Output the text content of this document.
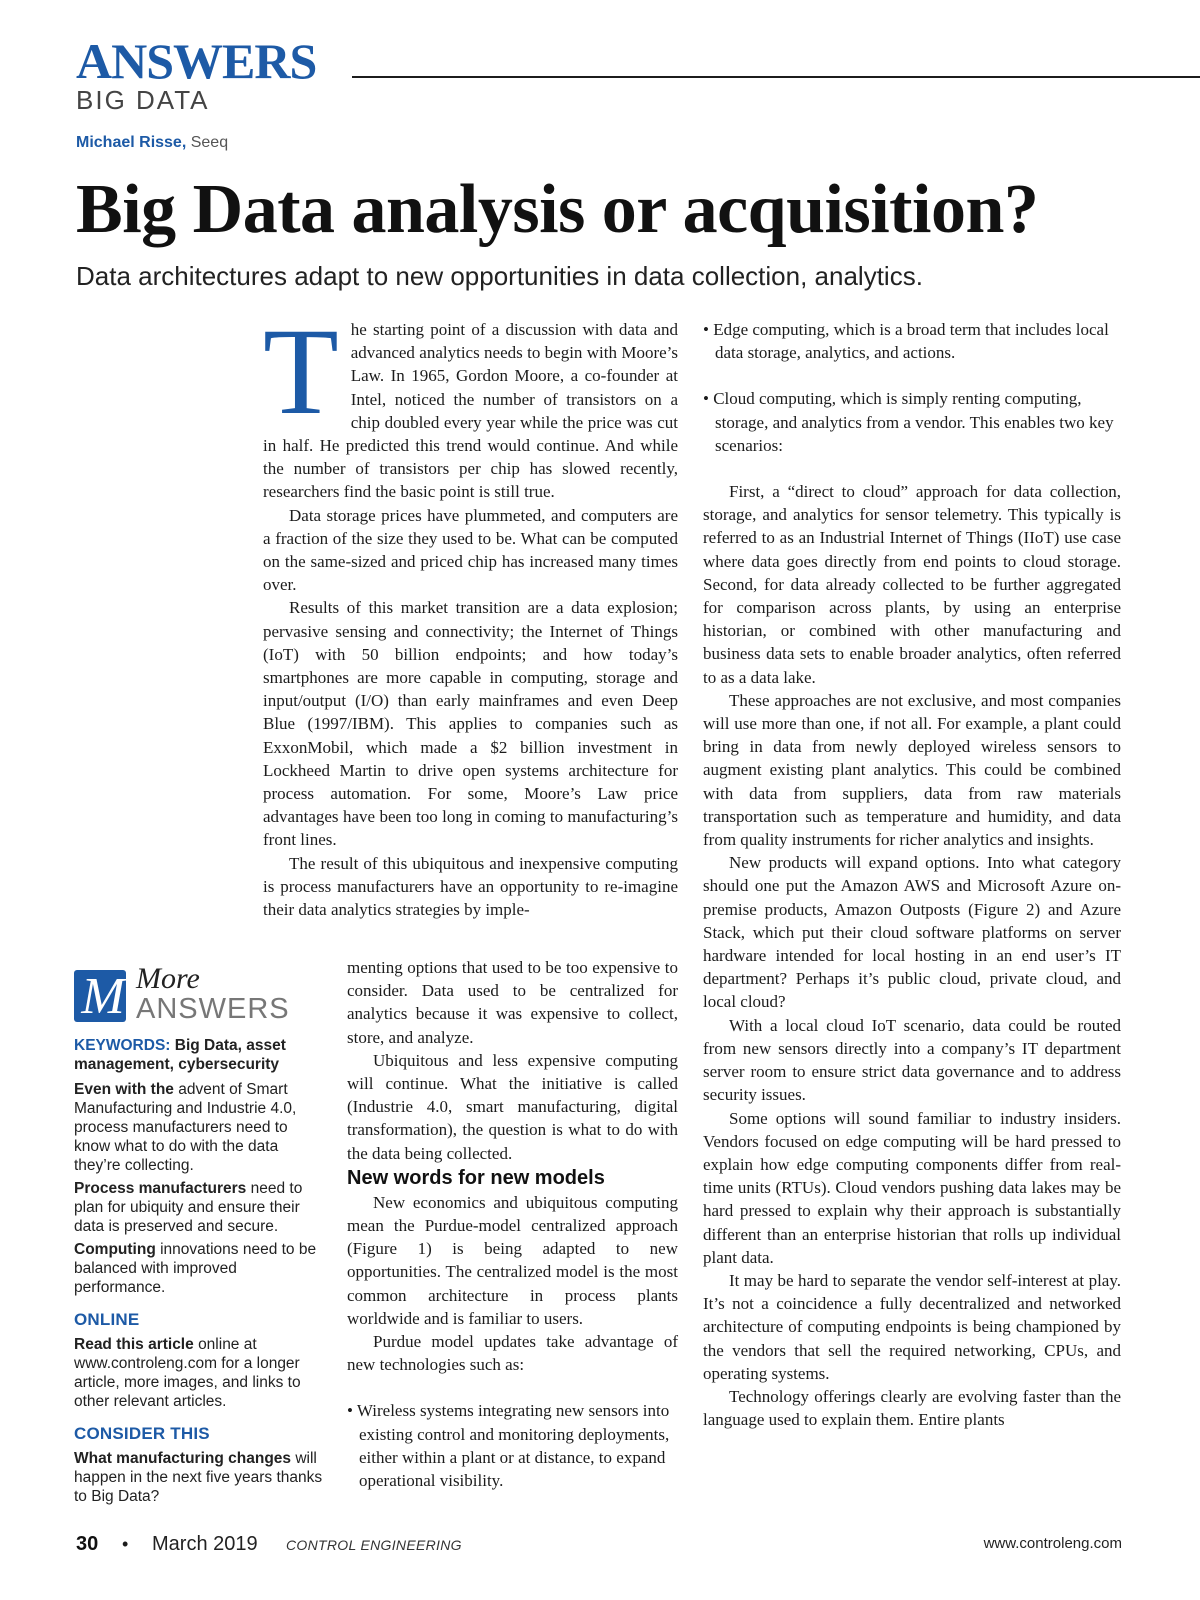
ANSWERS
BIG DATA
Michael Risse, Seeq
Big Data analysis or acquisition?
Data architectures adapt to new opportunities in data collection, analytics.
T he starting point of a discussion with data and advanced analytics needs to begin with Moore’s Law. In 1965, Gordon Moore, a co-founder at Intel, noticed the number of transistors on a chip doubled every year while the price was cut in half. He predicted this trend would continue. And while the number of transistors per chip has slowed recently, researchers find the basic point is still true.

Data storage prices have plummeted, and computers are a fraction of the size they used to be. What can be computed on the same-sized and priced chip has increased many times over.

Results of this market transition are a data explosion; pervasive sensing and connectivity; the Internet of Things (IoT) with 50 billion endpoints; and how today’s smartphones are more capable in computing, storage and input/output (I/O) than early mainframes and even Deep Blue (1997/IBM). This applies to companies such as ExxonMobil, which made a $2 billion investment in Lockheed Martin to drive open systems architecture for process automation. For some, Moore’s Law price advantages have been too long in coming to manufacturing’s front lines.

The result of this ubiquitous and inexpensive computing is process manufacturers have an opportunity to re-imagine their data analytics strategies by imple-

menting options that used to be too expensive to consider. Data used to be centralized for analytics because it was expensive to collect, store, and analyze.

Ubiquitous and less expensive computing will continue. What the initiative is called (Industrie 4.0, smart manufacturing, digital transformation), the question is what to do with the data being collected.

New words for new models

New economics and ubiquitous computing mean the Purdue-model centralized approach (Figure 1) is being adapted to new opportunities. The centralized model is the most common architecture in process plants worldwide and is familiar to users.

Purdue model updates take advantage of new technologies such as:

• Wireless systems integrating new sensors into existing control and monitoring deployments, either within a plant or at distance, to expand operational visibility.

• Edge computing, which is a broad term that includes local data storage, analytics, and actions.

• Cloud computing, which is simply renting computing, storage, and analytics from a vendor. This enables two key scenarios:

First, a “direct to cloud” approach for data collection, storage, and analytics for sensor telemetry. This typically is referred to as an Industrial Internet of Things (IIoT) use case where data goes directly from end points to cloud storage. Second, for data already collected to be further aggregated for comparison across plants, by using an enterprise historian, or combined with other manufacturing and business data sets to enable broader analytics, often referred to as a data lake.

These approaches are not exclusive, and most companies will use more than one, if not all. For example, a plant could bring in data from newly deployed wireless sensors to augment existing plant analytics. This could be combined with data from suppliers, data from raw materials transportation such as temperature and humidity, and data from quality instruments for richer analytics and insights.

New products will expand options. Into what category should one put the Amazon AWS and Microsoft Azure on-premise products, Amazon Outposts (Figure 2) and Azure Stack, which put their cloud software platforms on server hardware intended for local hosting in an end user’s IT department? Perhaps it’s public cloud, private cloud, and local cloud?

With a local cloud IoT scenario, data could be routed from new sensors directly into a company’s IT department server room to ensure strict data governance and to address security issues.

Some options will sound familiar to industry insiders. Vendors focused on edge computing will be hard pressed to explain how edge computing components differ from real-time units (RTUs). Cloud vendors pushing data lakes may be hard pressed to explain why their approach is substantially different than an enterprise historian that rolls up individual plant data.

It may be hard to separate the vendor self-interest at play. It’s not a coincidence a fully decentralized and networked architecture of computing endpoints is being championed by the vendors that sell the required networking, CPUs, and operating systems.

Technology offerings clearly are evolving faster than the language used to explain them. Entire plants

M More
ANSWERS

KEYWORDS: Big Data, asset management, cybersecurity

Even with the advent of Smart Manufacturing and Industrie 4.0, process manufacturers need to know what to do with the data they’re collecting.

Process manufacturers need to plan for ubiquity and ensure their data is preserved and secure.

Computing innovations need to be balanced with improved performance.

ONLINE

Read this article online at www.controleng.com for a longer article, more images, and links to other relevant articles.

CONSIDER THIS

What manufacturing changes will happen in the next five years thanks to Big Data?

30 • March 2019 CONTROL ENGINEERING	www.controleng.com
